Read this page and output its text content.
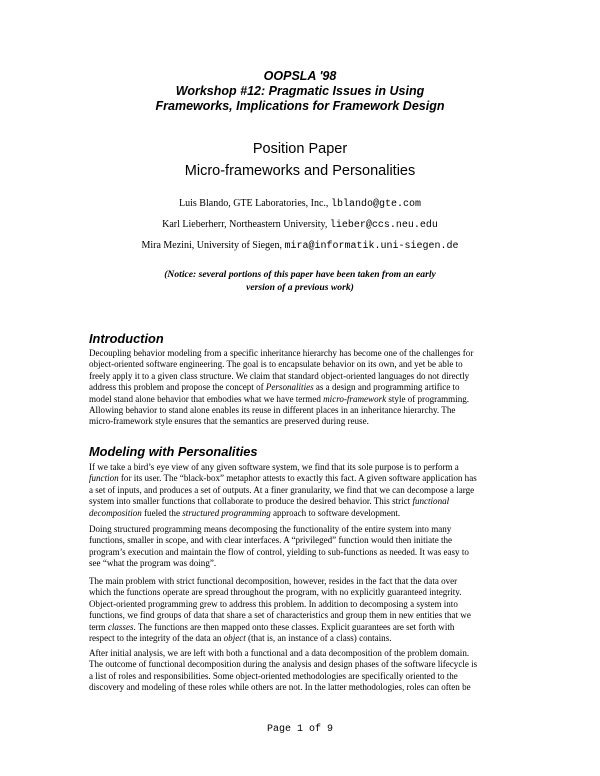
OOPSLA '98
Workshop #12: Pragmatic Issues in Using
Frameworks, Implications for Framework Design
Position Paper
Micro-frameworks and Personalities
Luis Blando, GTE Laboratories, Inc., lblando@gte.com
Karl Lieberherr, Northeastern University, lieber@ccs.neu.edu
Mira Mezini, University of Siegen, mira@informatik.uni-siegen.de
(Notice: several portions of this paper have been taken from an early
version of a previous work)
Introduction
Decoupling behavior modeling from a specific inheritance hierarchy has become one of the challenges for
object-oriented software engineering. The goal is to encapsulate behavior on its own, and yet be able to
freely apply it to a given class structure. We claim that standard object-oriented languages do not directly
address this problem and propose the concept of Personalities as a design and programming artifice to
model stand alone behavior that embodies what we have termed micro-framework style of programming.
Allowing behavior to stand alone enables its reuse in different places in an inheritance hierarchy. The
micro-framework style ensures that the semantics are preserved during reuse.
Modeling with Personalities
If we take a bird’s eye view of any given software system, we find that its sole purpose is to perform a
function for its user. The “black-box” metaphor attests to exactly this fact. A given software application has
a set of inputs, and produces a set of outputs. At a finer granularity, we find that we can decompose a large
system into smaller functions that collaborate to produce the desired behavior. This strict functional
decomposition fueled the structured programming approach to software development.
Doing structured programming means decomposing the functionality of the entire system into many
functions, smaller in scope, and with clear interfaces. A “privileged” function would then initiate the
program’s execution and maintain the flow of control, yielding to sub-functions as needed. It was easy to
see “what the program was doing”.
The main problem with strict functional decomposition, however, resides in the fact that the data over
which the functions operate are spread throughout the program, with no explicitly guaranteed integrity.
Object-oriented programming grew to address this problem. In addition to decomposing a system into
functions, we find groups of data that share a set of characteristics and group them in new entities that we
term classes. The functions are then mapped onto these classes. Explicit guarantees are set forth with
respect to the integrity of the data an object (that is, an instance of a class) contains.
After initial analysis, we are left with both a functional and a data decomposition of the problem domain.
The outcome of functional decomposition during the analysis and design phases of the software lifecycle is
a list of roles and responsibilities. Some object-oriented methodologies are specifically oriented to the
discovery and modeling of these roles while others are not. In the latter methodologies, roles can often be
Page 1 of 9
